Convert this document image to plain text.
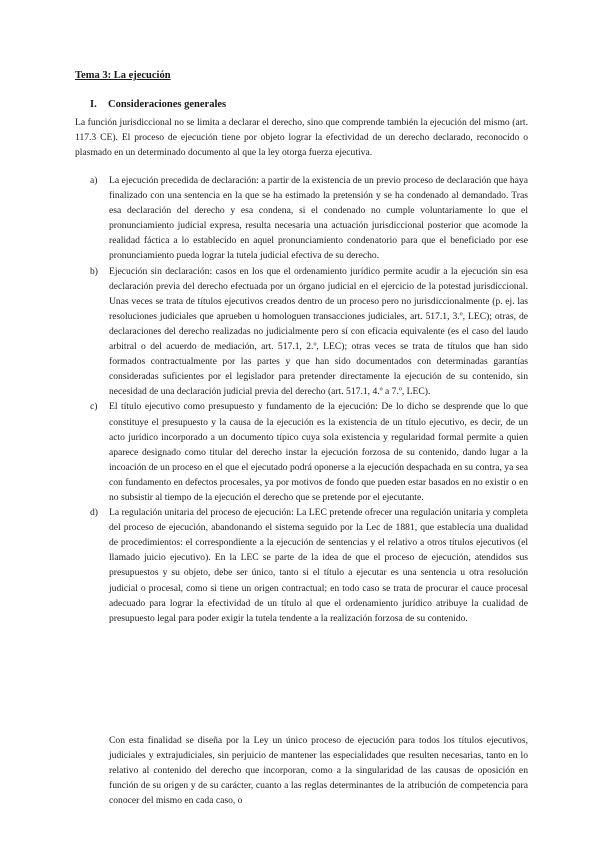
Tema 3: La ejecución
I. Consideraciones generales

La función jurisdiccional no se limita a declarar el derecho, sino que comprende también la ejecución del mismo (art. 117.3 CE). El proceso de ejecución tiene por objeto lograr la efectividad de un derecho declarado, reconocido o plasmado en un determinado documento al que la ley otorga fuerza ejecutiva.

a) La ejecución precedida de declaración: a partir de la existencia de un previo proceso de declaración que haya finalizado con una sentencia en la que se ha estimado la pretensión y se ha condenado al demandado. Tras esa declaración del derecho y esa condena, si el condenado no cumple voluntariamente lo que el pronunciamiento judicial expresa, resulta necesaria una actuación jurisdiccional posterior que acomode la realidad fáctica a lo establecido en aquel pronunciamiento condenatorio para que el beneficiado por ese pronunciamiento pueda lograr la tutela judicial efectiva de su derecho.
b) Ejecución sin declaración: casos en los que el ordenamiento jurídico permite acudir a la ejecución sin esa declaración previa del derecho efectuada por un órgano judicial en el ejercicio de la potestad jurisdiccional. Unas veces se trata de títulos ejecutivos creados dentro de un proceso pero no jurisdiccionalmente (p. ej. las resoluciones judiciales que aprueben u homologuen transacciones judiciales, art. 517.1, 3.º, LEC); otras, de declaraciones del derecho realizadas no judicialmente pero sí con eficacia equivalente (es el caso del laudo arbitral o del acuerdo de mediación, art. 517.1, 2.º, LEC); otras veces se trata de títulos que han sido formados contractualmente por las partes y que han sido documentados con determinadas garantías consideradas suficientes por el legislador para pretender directamente la ejecución de su contenido, sin necesidad de una declaración judicial previa del derecho (art. 517.1, 4.º a 7.º, LEC).
c) El título ejecutivo como presupuesto y fundamento de la ejecución: De lo dicho se desprende que lo que constituye el presupuesto y la causa de la ejecución es la existencia de un título ejecutivo, es decir, de un acto jurídico incorporado a un documento típico cuya sola existencia y regularidad formal permite a quien aparece designado como titular del derecho instar la ejecución forzosa de su contenido, dando lugar a la incoación de un proceso en el que el ejecutado podrá oponerse a la ejecución despachada en su contra, ya sea con fundamento en defectos procesales, ya por motivos de fondo que pueden estar basados en no existir o en no subsistir al tiempo de la ejecución el derecho que se pretende por el ejecutante.
d) La regulación unitaria del proceso de ejecución: La LEC pretende ofrecer una regulación unitaria y completa del proceso de ejecución, abandonando el sistema seguido por la Lec de 1881, que establecía una dualidad de procedimientos: el correspondiente a la ejecución de sentencias y el relativo a otros títulos ejecutivos (el llamado juicio ejecutivo). En la LEC se parte de la idea de que el proceso de ejecución, atendidos sus presupuestos y su objeto, debe ser único, tanto si el título a ejecutar es una sentencia u otra resolución judicial o procesal, como si tiene un origen contractual; en todo caso se trata de procurar el cauce procesal adecuado para lograr la efectividad de un título al que el ordenamiento jurídico atribuye la cualidad de presupuesto legal para poder exigir la tutela tendente a la realización forzosa de su contenido.

Con esta finalidad se diseña por la Ley un único proceso de ejecución para todos los títulos ejecutivos, judiciales y extrajudiciales, sin perjuicio de mantener las especialidades que resulten necesarias, tanto en lo relativo al contenido del derecho que incorporan, como a la singularidad de las causas de oposición en función de su origen y de su carácter, cuanto a las reglas determinantes de la atribución de competencia para conocer del mismo en cada caso, o
